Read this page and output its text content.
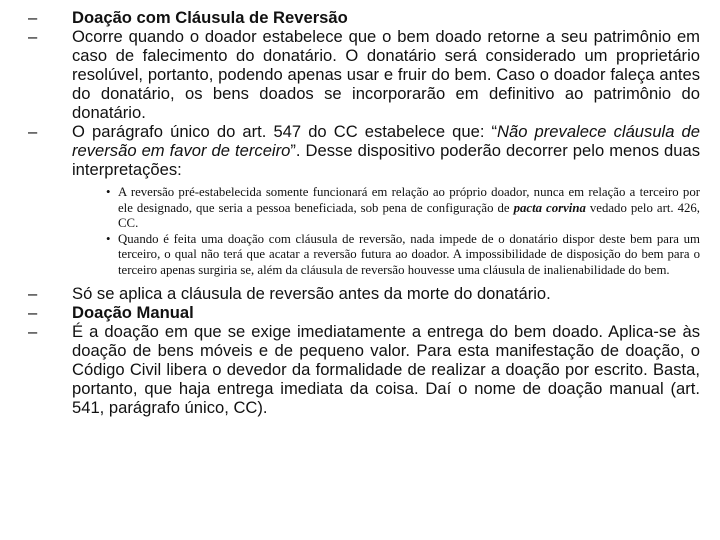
–	Doação com Cláusula de Reversão
–	Ocorre quando o doador estabelece que o bem doado retorne a seu patrimônio em caso de falecimento do donatário. O donatário será considerado um proprietário resolúvel, portanto, podendo apenas usar e fruir do bem. Caso o doador faleça antes do donatário, os bens doados se incorporarão em definitivo ao patrimônio do donatário.
–	O parágrafo único do art. 547 do CC estabelece que: “Não prevalece cláusula de reversão em favor de terceiro”. Desse dispositivo poderão decorrer pelo menos duas interpretações:
• A reversão pré-estabelecida somente funcionará em relação ao próprio doador, nunca em relação a terceiro por ele designado, que seria a pessoa beneficiada, sob pena de configuração de pacta corvina vedado pelo art. 426, CC.
• Quando é feita uma doação com cláusula de reversão, nada impede de o donatário dispor deste bem para um terceiro, o qual não terá que acatar a reversão futura ao doador. A impossibilidade de disposição do bem para o terceiro apenas surgiria se, além da cláusula de reversão houvesse uma cláusula de inalienabilidade do bem.
–	Só se aplica a cláusula de reversão antes da morte do donatário.
–	Doação Manual
–	É a doação em que se exige imediatamente a entrega do bem doado. Aplica-se às doação de bens móveis e de pequeno valor. Para esta manifestação de doação, o Código Civil libera o devedor da formalidade de realizar a doação por escrito. Basta, portanto, que haja entrega imediata da coisa. Daí o nome de doação manual (art. 541, parágrafo único, CC).
